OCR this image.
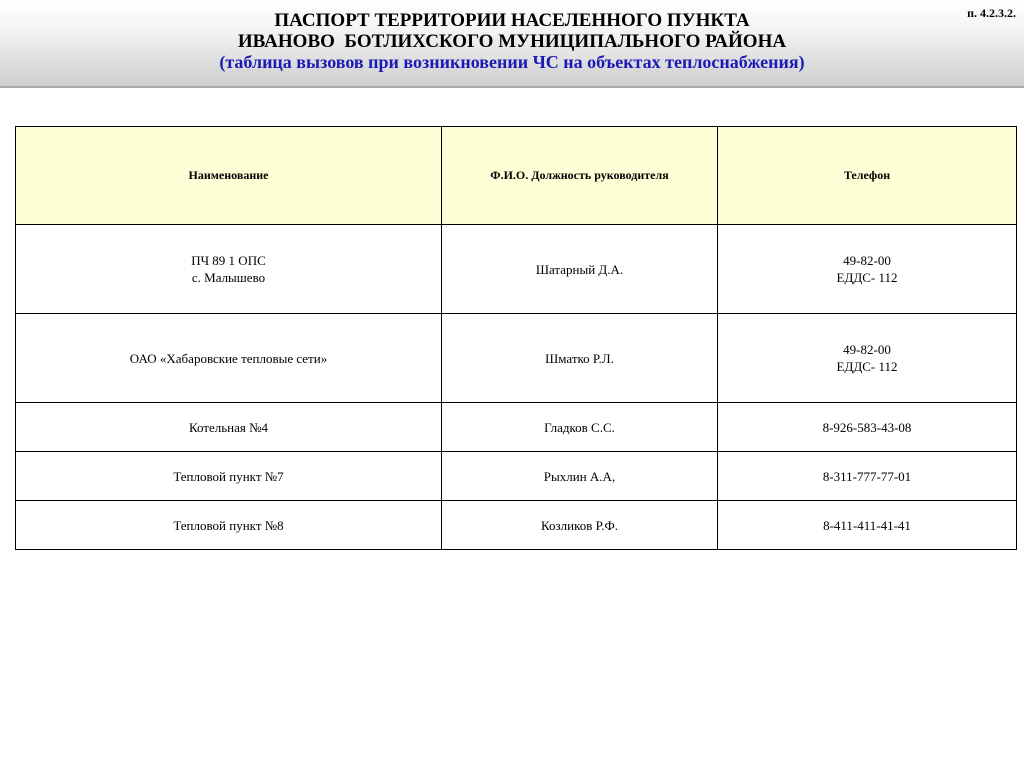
п. 4.2.3.2.
ПАСПОРТ ТЕРРИТОРИИ НАСЕЛЕННОГО ПУНКТА
ИВАНОВО  БОТЛИХСКОГО МУНИЦИПАЛЬНОГО РАЙОНА
(таблица вызовов при возникновении ЧС на объектах теплоснабжения)
Наименование	Ф.И.О. Должность руководителя	Телефон

ПЧ 89 1 ОПС
с. Малышево	Шатарный Д.А.	49-82-00
ЕДДС- 112

ОАО «Хабаровские тепловые сети»	Шматко Р.Л.	49-82-00
ЕДДС- 112

Котельная №4	Гладков С.С.	8-926-583-43-08

Тепловой пункт №7	Рыхлин А.А,	8-311-777-77-01

Тепловой пункт №8	Козликов Р.Ф.	8-411-411-41-41
